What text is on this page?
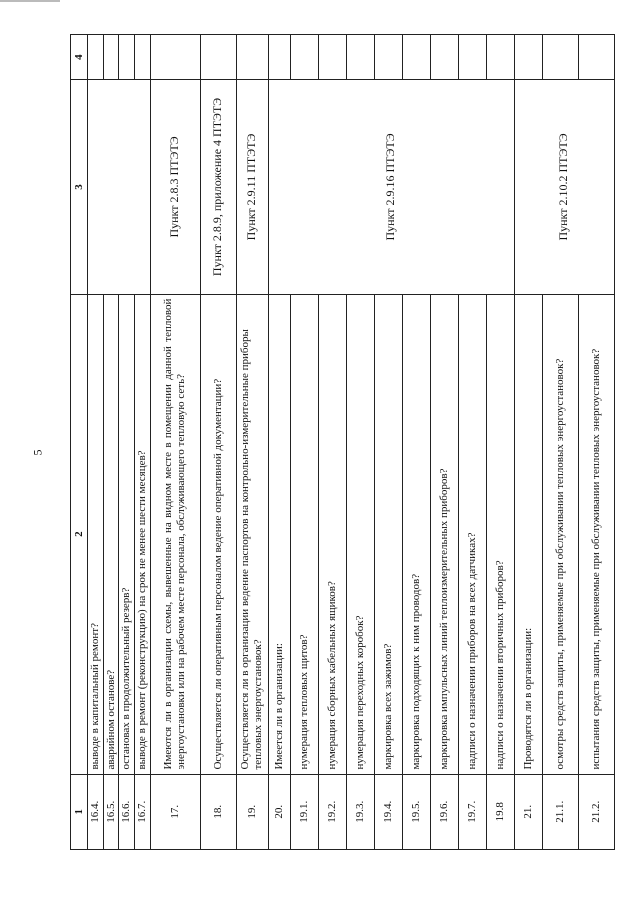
5
1	2	3	4
16.4.	выводе в капитальный ремонт?		
16.5.	аварийном останове?		
16.6.	остановах в продолжительный резерв?		
16.7.	выводе в ремонт (реконструкцию) на срок не менее шести месяцев?		
17.	Имеются ли в организации схемы, вывешенные на видном месте в помещении данной тепловой энергоустановки или на рабочем месте персонала, обслуживающего тепловую сеть?	Пункт 2.8.3 ПТЭТЭ	
18.	Осуществляется ли оперативным персоналом ведение оперативной документации?	Пункт 2.8.9, приложение 4 ПТЭТЭ	
19.	Осуществляется ли в организации ведение паспортов на контрольно-измерительные приборы тепловых энергоустановок?	Пункт 2.9.11 ПТЭТЭ	
20.	Имеется ли в организации:	Пункт 2.9.16 ПТЭТЭ	
19.1.	нумерация тепловых щитов?		
19.2.	нумерация сборных кабельных ящиков?		
19.3.	нумерация переходных коробок?		
19.4.	маркировка всех зажимов?		
19.5.	маркировка подходящих к ним проводов?		
19.6.	маркировка импульсных линий теплоизмерительных приборов?		
19.7.	надписи о назначении приборов на всех датчиках?		
19.8	надписи о назначении вторичных приборов?		
21.	Проводятся ли в организации:	Пункт 2.10.2 ПТЭТЭ	
21.1.	осмотры средств защиты, применяемые при обслуживании тепловых энергоустановок?		
21.2.	испытания средств защиты, применяемые при обслуживании тепловых энергоустановок?		
